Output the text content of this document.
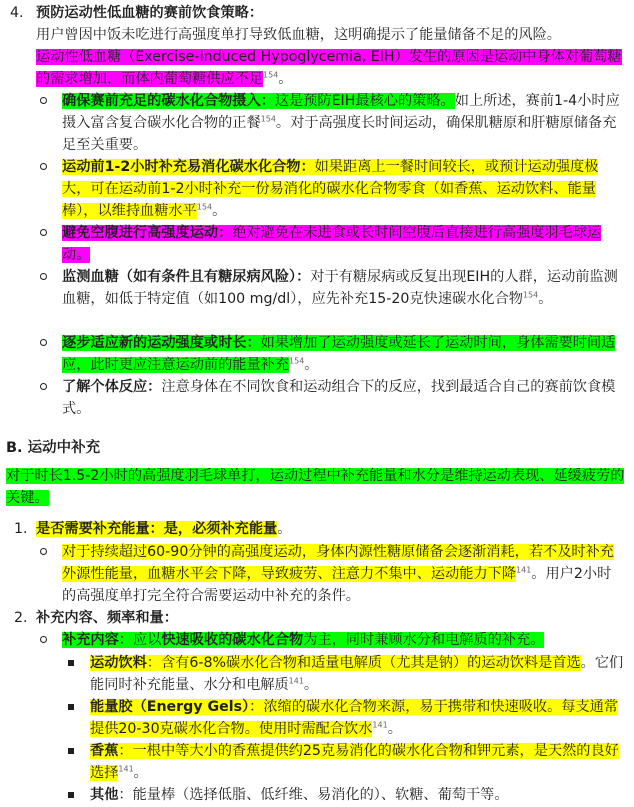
4. 预防运动性低血糖的赛前饮食策略：
用户曾因中饭未吃进行高强度单打导致低血糖，这明确提示了能量储备不足的风险。
运动性低血糖（Exercise-Induced Hypoglycemia, EIH）发生的原因是运动中身体对葡萄糖的需求增加，而体内葡萄糖供应不足$^{154}$。
确保赛前充足的碳水化合物摄入：这是预防EIH最核心的策略。如上所述，赛前1-4小时应摄入富含复合碳水化合物的正餐$^{154}$。对于高强度长时间运动，确保肌糖原和肝糖原储备充足至关重要。
运动前1-2小时补充易消化碳水化合物：如果距离上一餐时间较长，或预计运动强度极大，可在运动前1-2小时补充一份易消化的碳水化合物零食（如香蕉、运动饮料、能量棒），以维持血糖水平$^{154}$。
避免空腹进行高强度运动：绝对避免在未进食或长时间空腹后直接进行高强度羽毛球运动。
监测血糖（如有条件且有糖尿病风险）：对于有糖尿病或反复出现EIH的人群，运动前监测血糖，如低于特定值（如100 mg/dl），应先补充15-20克快速碳水化合物$^{154}$。
逐步适应新的运动强度或时长：如果增加了运动强度或延长了运动时间，身体需要时间适应，此时更应注意运动前的能量补充$^{154}$。
了解个体反应：注意身体在不同饮食和运动组合下的反应，找到最适合自己的赛前饮食模式。
B. 运动中补充
对于时长1.5-2小时的高强度羽毛球单打，运动过程中补充能量和水分是维持运动表现、延缓疲劳的关键。
1. 是否需要补充能量：是，必须补充能量。
对于持续超过60-90分钟的高强度运动，身体内源性糖原储备会逐渐消耗，若不及时补充外源性能量，血糖水平会下降，导致疲劳、注意力不集中、运动能力下降$^{141}$。用户2小时的高强度单打完全符合需要运动中补充的条件。
2. 补充内容、频率和量：
补充内容：应以快速吸收的碳水化合物为主，同时兼顾水分和电解质的补充。
运动饮料：含有6-8%碳水化合物和适量电解质（尤其是钠）的运动饮料是首选。它们能同时补充能量、水分和电解质$^{141}$。
能量胶（Energy Gels）：浓缩的碳水化合物来源，易于携带和快速吸收。每支通常提供20-30克碳水化合物。使用时需配合饮水$^{141}$。
香蕉：一根中等大小的香蕉提供约25克易消化的碳水化合物和钾元素，是天然的良好选择$^{141}$。
其他：能量棒（选择低脂、低纤维、易消化的）、软糖、葡萄干等。
